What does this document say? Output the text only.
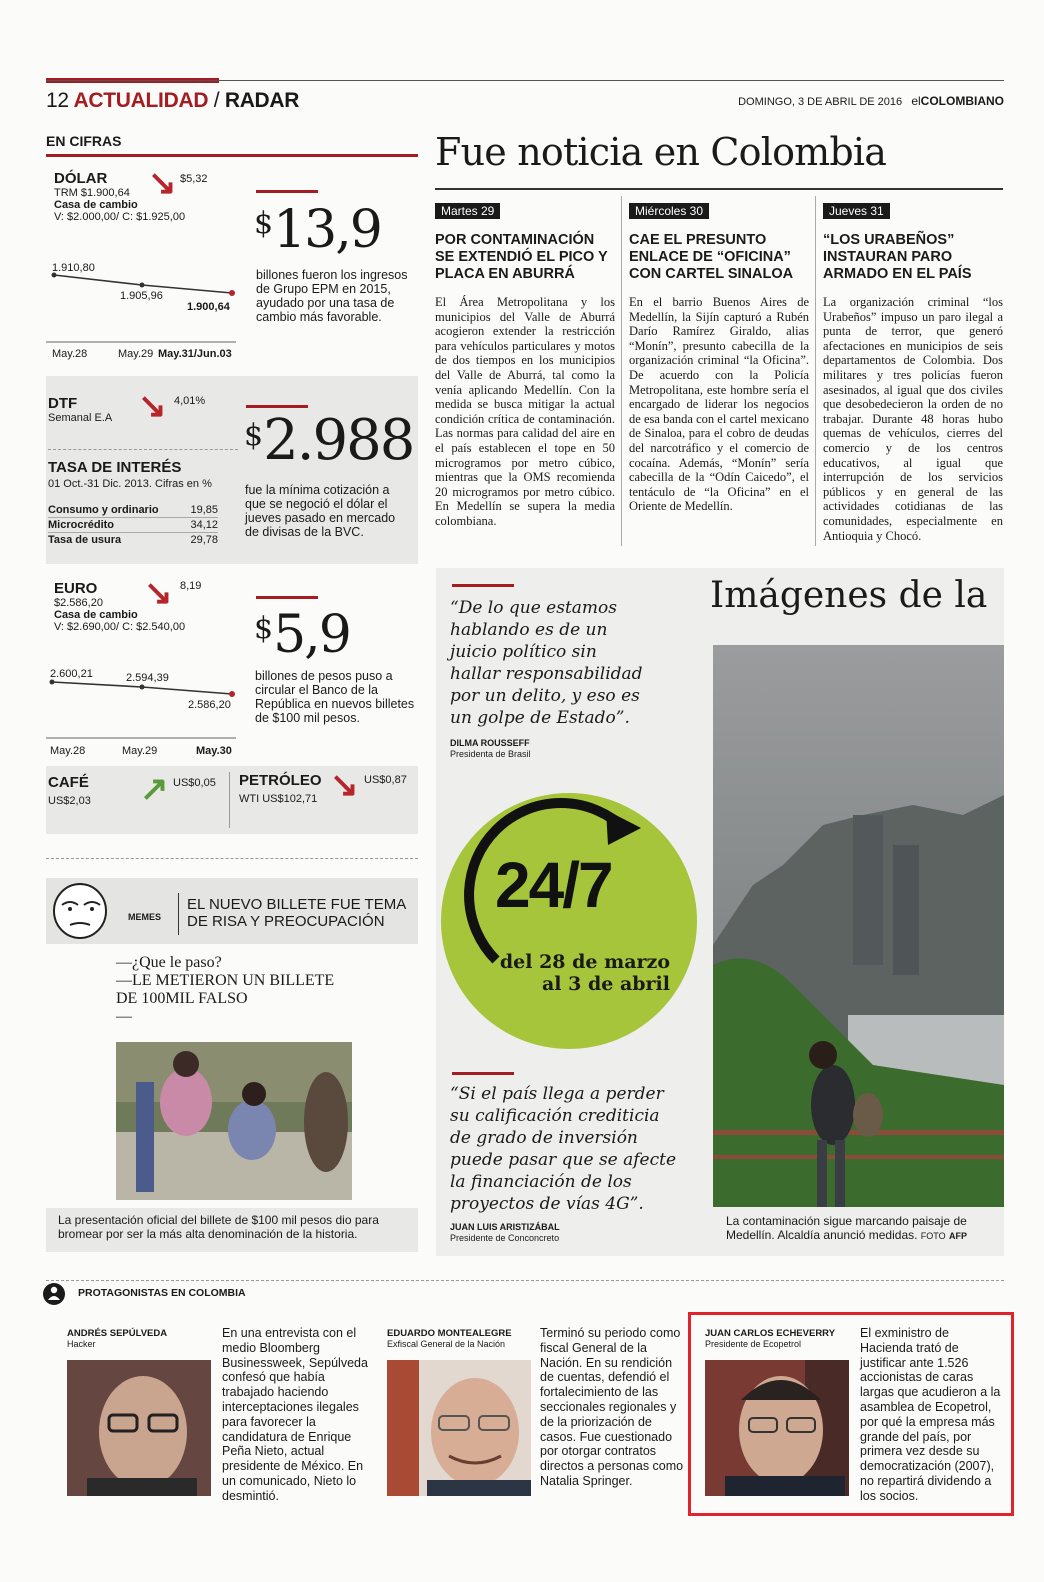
12 ACTUALIDAD / RADAR	DOMINGO, 3 DE ABRIL DE 2016 elCOLOMBIANO
EN CIFRAS
DÓLAR
TRM $1.900,64
Casa de cambio
V: $2.000,00/ C: $1.925,00
↘ $5,32
1.910,80
1.905,96
1.900,64
May.28	May.29 May.31/Jun.03
$13,9
billones fueron los ingresos de Grupo EPM en 2015, ayudado por una tasa de cambio más favorable.
DTF
Semanal E.A ↘ 4,01%
TASA DE INTERÉS
01 Oct.-31 Dic. 2013. Cifras en %
Consumo y ordinario	19,85
Microcrédito	34,12
Tasa de usura	29,78
$2.988
fue la mínima cotización a que se negoció el dólar el jueves pasado en mercado de divisas de la BVC.
EURO
$2.586,20
Casa de cambio
V: $2.690,00/ C: $2.540,00
↘ 8,19
2.600,21	2.594,39
2.586,20
May.28	May.29	May.30
$5,9
billones de pesos puso a circular el Banco de la República en nuevos billetes de $100 mil pesos.
CAFÉ
US$2,03 ↗ US$0,05 PETRÓLEO
WTI US$102,71 ↘ US$0,87
MEMES
EL NUEVO BILLETE FUE TEMA DE RISA Y PREOCUPACIÓN
—¿Que le paso?
—LE METIERON UN BILLETE DE 100MIL FALSO
—
La presentación oficial del billete de $100 mil pesos dio para bromear por ser la más alta denominación de la historia.
Fue noticia en Colombia
Martes 29
POR CONTAMINACIÓN SE EXTENDIÓ EL PICO Y PLACA EN ABURRÁ
El Área Metropolitana y los municipios del Valle de Aburrá acogieron extender la restricción para vehículos particulares y motos de dos tiempos en los municipios del Valle de Aburrá, tal como la venía aplicando Medellín. Con la medida se busca mitigar la actual condición crítica de contaminación. Las normas para calidad del aire en el país establecen el tope en 50 microgramos por metro cúbico, mientras que la OMS recomienda 20 microgramos por metro cúbico. En Medellín se supera la media colombiana.
Miércoles 30
CAE EL PRESUNTO ENLACE DE “OFICINA” CON CARTEL SINALOA
En el barrio Buenos Aires de Medellín, la Sijín capturó a Rubén Darío Ramírez Giraldo, alias “Monín”, presunto cabecilla de la organización criminal “la Oficina”. De acuerdo con la Policía Metropolitana, este hombre sería el encargado de liderar los negocios de esa banda con el cartel mexicano de Sinaloa, para el cobro de deudas del narcotráfico y el comercio de cocaína. Además, “Monín” sería cabecilla de la “Odín Caicedo”, el tentáculo de “la Oficina” en el Oriente de Medellín.
Jueves 31
“LOS URABEÑOS” INSTAURAN PARO ARMADO EN EL PAÍS
La organización criminal “los Urabeños” impuso un paro ilegal a punta de terror, que generó afectaciones en municipios de seis departamentos de Colombia. Dos militares y tres policías fueron asesinados, al igual que dos civiles que desobedecieron la orden de no trabajar. Durante 48 horas hubo quemas de vehículos, cierres del comercio y de los centros educativos, al igual que interrupción de los servicios públicos y en general de las actividades cotidianas de las comunidades, especialmente en Antioquia y Chocó.
“De lo que estamos hablando es de un juicio político sin hallar responsabilidad por un delito, y eso es un golpe de Estado”.
DILMA ROUSSEFF
Presidenta de Brasil
24/7
del 28 de marzo
al 3 de abril
“Si el país llega a perder su calificación crediticia de grado de inversión puede pasar que se afecte la financiación de los proyectos de vías 4G”.
JUAN LUIS ARISTIZÁBAL
Presidente de Conconcreto
Imágenes de la
La contaminación sigue marcando paisaje de Medellín. Alcaldía anunció medidas. FOTO AFP
PROTAGONISTAS EN COLOMBIA
ANDRÉS SEPÚLVEDA
Hacker
En una entrevista con el medio Bloomberg Businessweek, Sepúlveda confesó que había trabajado haciendo interceptaciones ilegales para favorecer la candidatura de Enrique Peña Nieto, actual presidente de México. En un comunicado, Nieto lo desmintió.
EDUARDO MONTEALEGRE
Exfiscal General de la Nación
Terminó su periodo como fiscal General de la Nación. En su rendición de cuentas, defendió el fortalecimiento de las seccionales regionales y de la priorización de casos. Fue cuestionado por otorgar contratos directos a personas como Natalia Springer.
JUAN CARLOS ECHEVERRY
Presidente de Ecopetrol
El exministro de Hacienda trató de justificar ante 1.526 accionistas de caras largas que acudieron a la asamblea de Ecopetrol, por qué la empresa más grande del país, por primera vez desde su democratización (2007), no repartirá dividendo a los socios.
